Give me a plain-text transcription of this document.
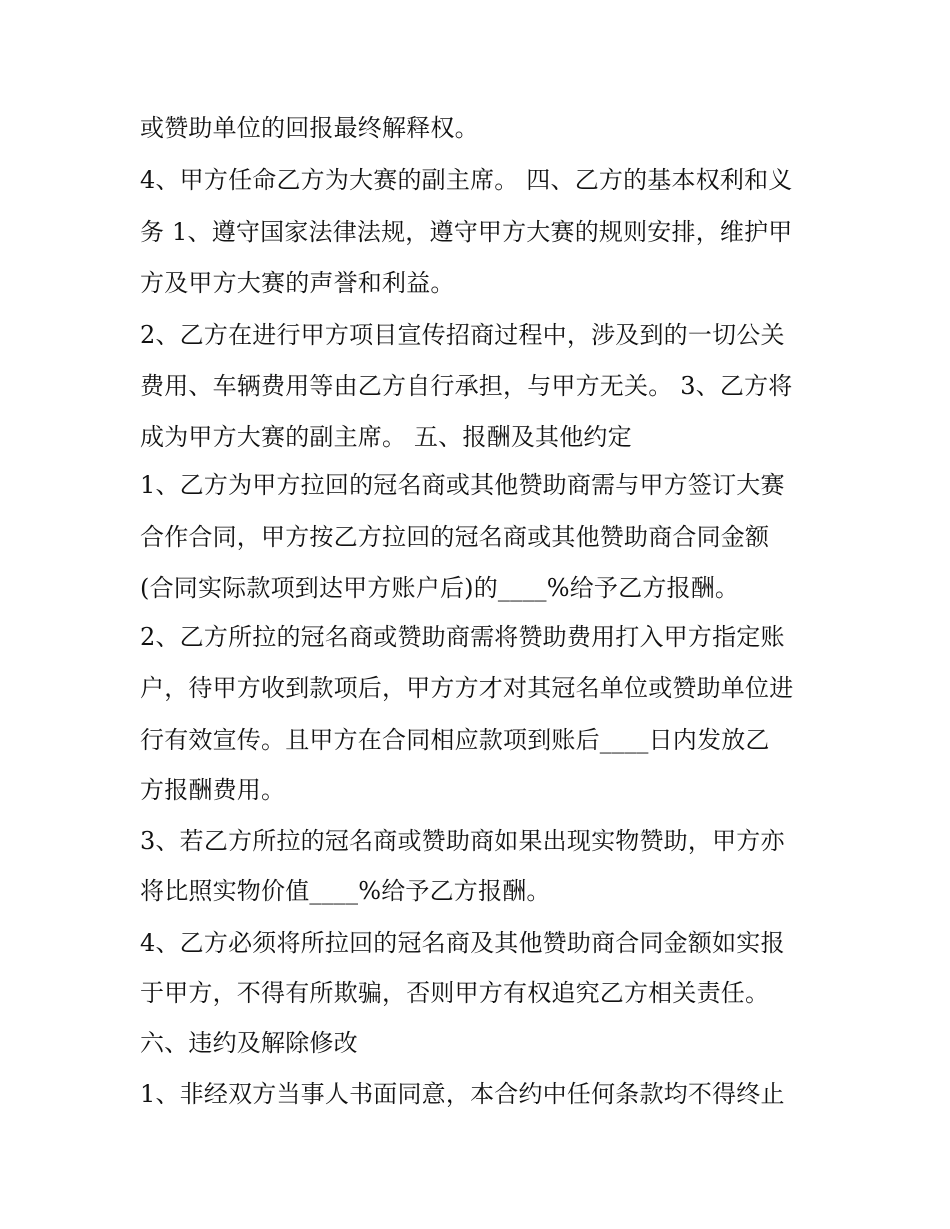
或赞助单位的回报最终解释权。
4、甲方任命乙方为大赛的副主席。 四、乙方的基本权利和义
务 1、遵守国家法律法规，遵守甲方大赛的规则安排，维护甲
方及甲方大赛的声誉和利益。
2、乙方在进行甲方项目宣传招商过程中，涉及到的一切公关
费用、车辆费用等由乙方自行承担，与甲方无关。 3、乙方将
成为甲方大赛的副主席。 五、报酬及其他约定
1、乙方为甲方拉回的冠名商或其他赞助商需与甲方签订大赛
合作合同，甲方按乙方拉回的冠名商或其他赞助商合同金额
(合同实际款项到达甲方账户后)的____%给予乙方报酬。
2、乙方所拉的冠名商或赞助商需将赞助费用打入甲方指定账
户，待甲方收到款项后，甲方方才对其冠名单位或赞助单位进
行有效宣传。且甲方在合同相应款项到账后____日内发放乙
方报酬费用。
3、若乙方所拉的冠名商或赞助商如果出现实物赞助，甲方亦
将比照实物价值____%给予乙方报酬。
4、乙方必须将所拉回的冠名商及其他赞助商合同金额如实报
于甲方，不得有所欺骗，否则甲方有权追究乙方相关责任。
六、违约及解除修改
1、非经双方当事人书面同意，本合约中任何条款均不得终止
